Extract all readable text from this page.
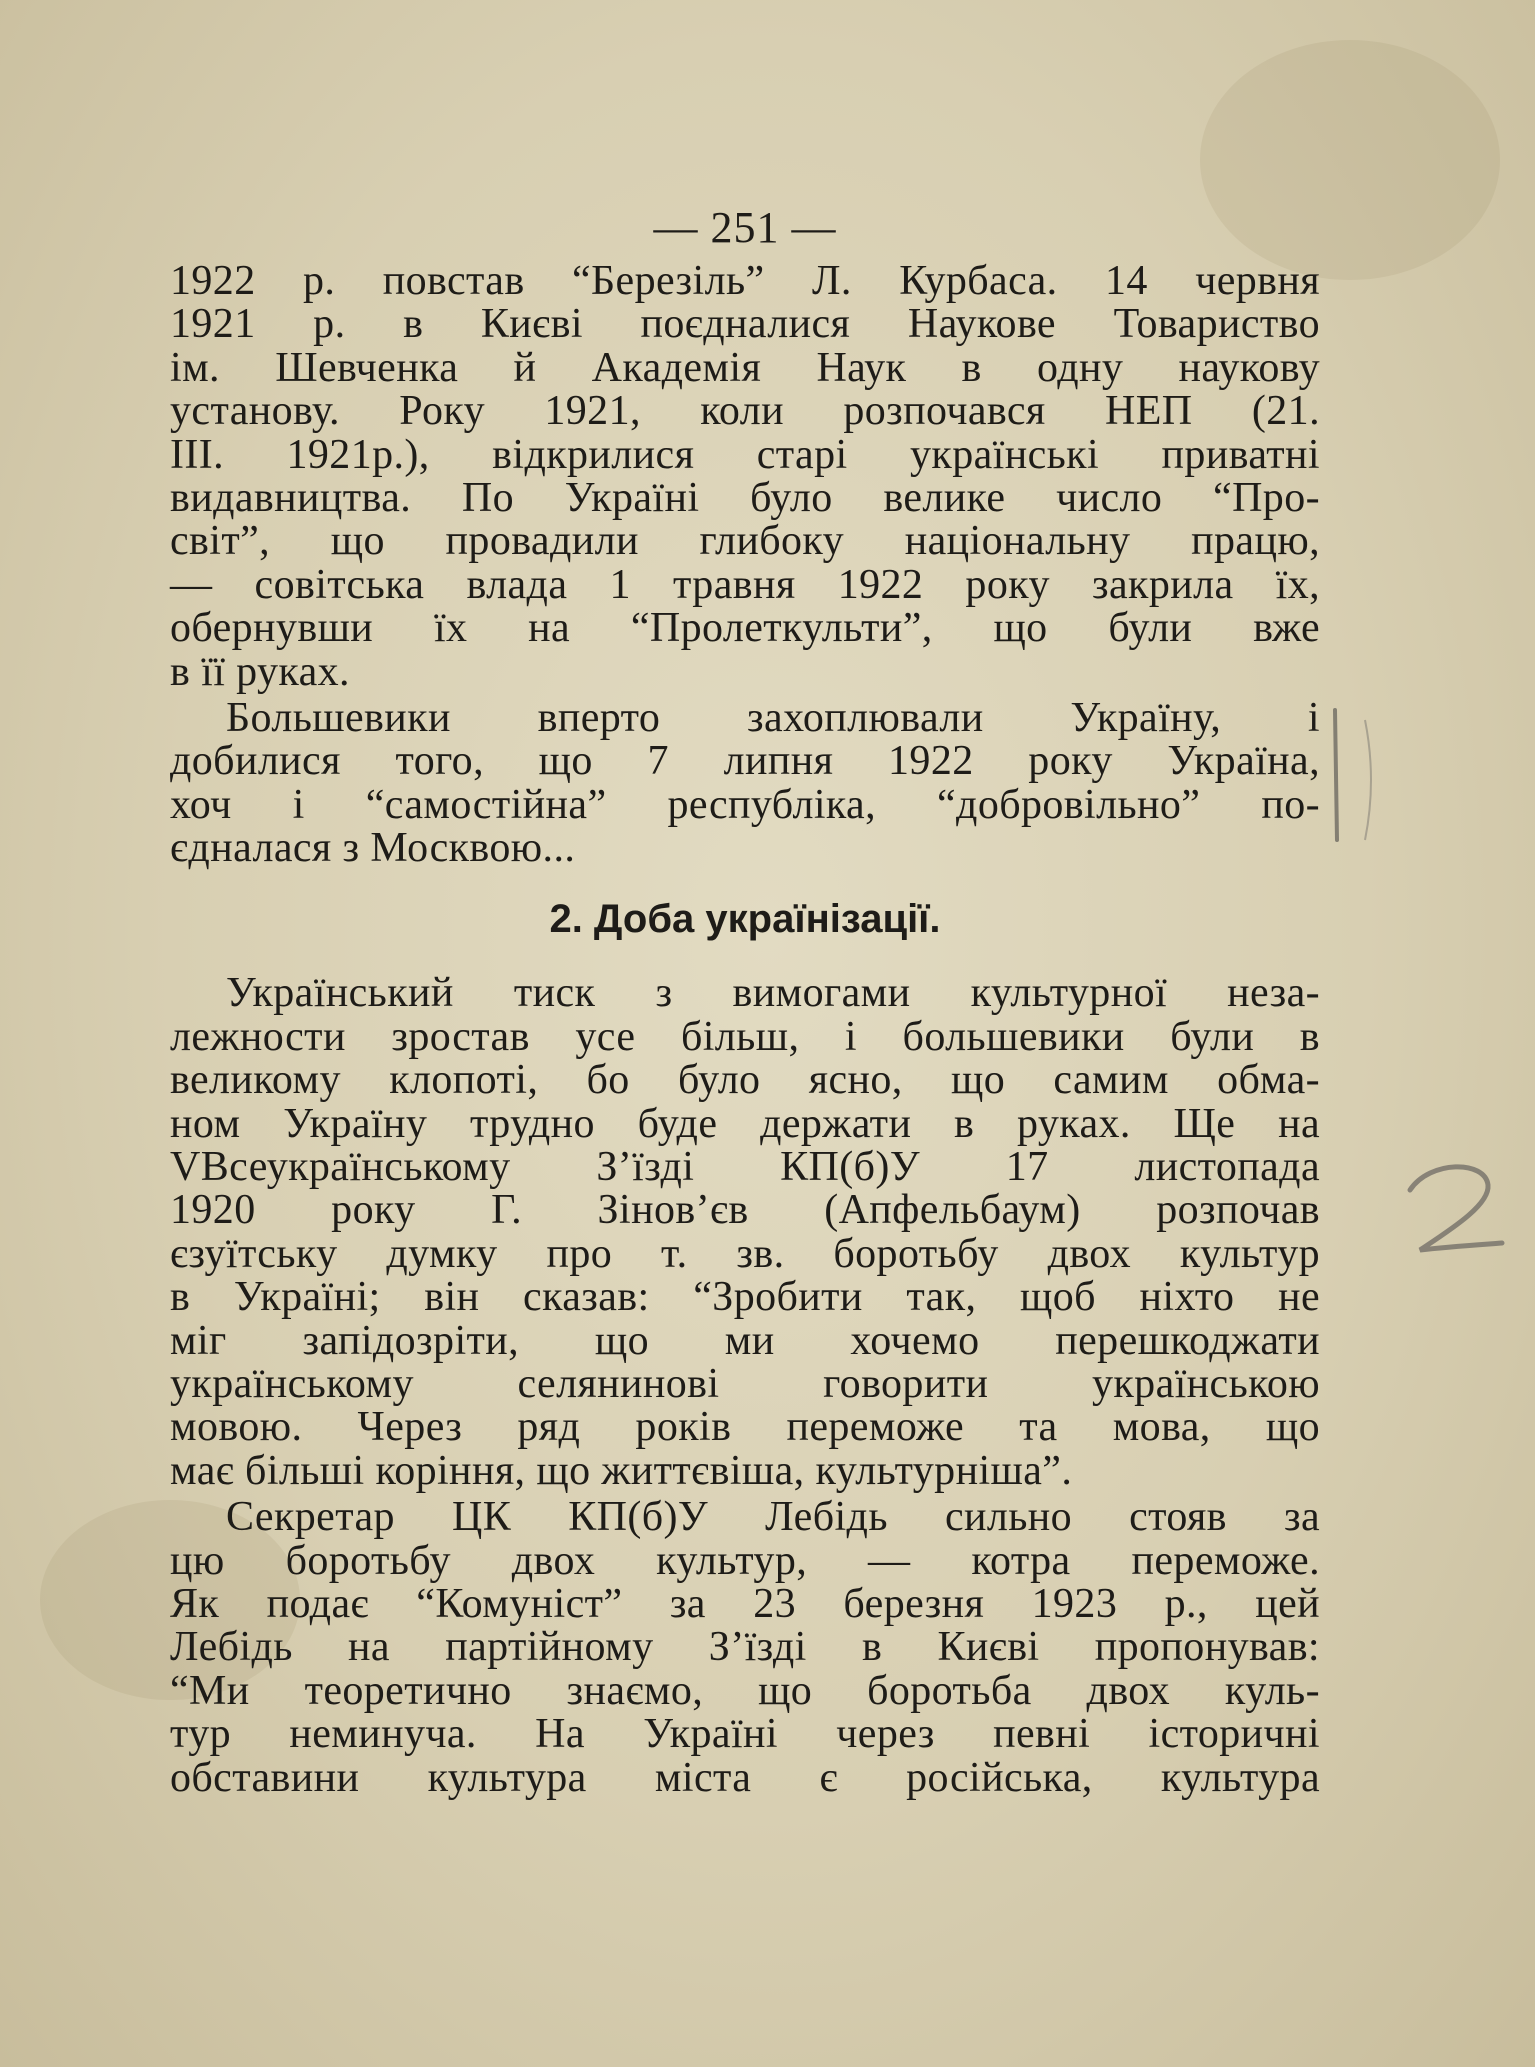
— 251 —
1922 р. повстав “Березіль” Л. Курбаса. 14 червня
1921 р. в Києві поєдналися Наукове Товариство
ім. Шевченка й Академія Наук в одну наукову
установу. Року 1921, коли розпочався НЕП (21.
III. 1921р.), відкрилися старі українські приватні
видавництва. По Україні було велике число “Про-
світ”, що провадили глибоку національну працю,
— совітська влада 1 травня 1922 року закрила їх,
обернувши їх на “Пролеткульти”, що були вже
в її руках.
Большевики вперто захоплювали Україну, і
добилися того, що 7 липня 1922 року Україна,
хоч і “самостійна” республіка, “добровільно” по-
єдналася з Москвою...
2. Доба українізації.
Український тиск з вимогами культурної неза-
лежности зростав усе більш, і большевики були в
великому клопоті, бо було ясно, що самим обма-
ном Україну трудно буде держати в руках. Ще на
VВсеукраїнському З’їзді КП(б)У 17 листопада
1920 року Г. Зінов’єв (Апфельбаум) розпочав
єзуїтську думку про т. зв. боротьбу двох культур
в Україні; він сказав: “Зробити так, щоб ніхто не
міг запідозріти, що ми хочемо перешкоджати
українському селянинові говорити українською
мовою. Через ряд років переможе та мова, що
має більші коріння, що життєвіша, культурніша”.
Секретар ЦК КП(б)У Лебідь сильно стояв за
цю боротьбу двох культур, — котра переможе.
Як подає “Комуніст” за 23 березня 1923 р., цей
Лебідь на партійному З’їзді в Києві пропонував:
“Ми теоретично знаємо, що боротьба двох куль-
тур неминуча. На Україні через певні історичні
обставини культура міста є російська, культура
